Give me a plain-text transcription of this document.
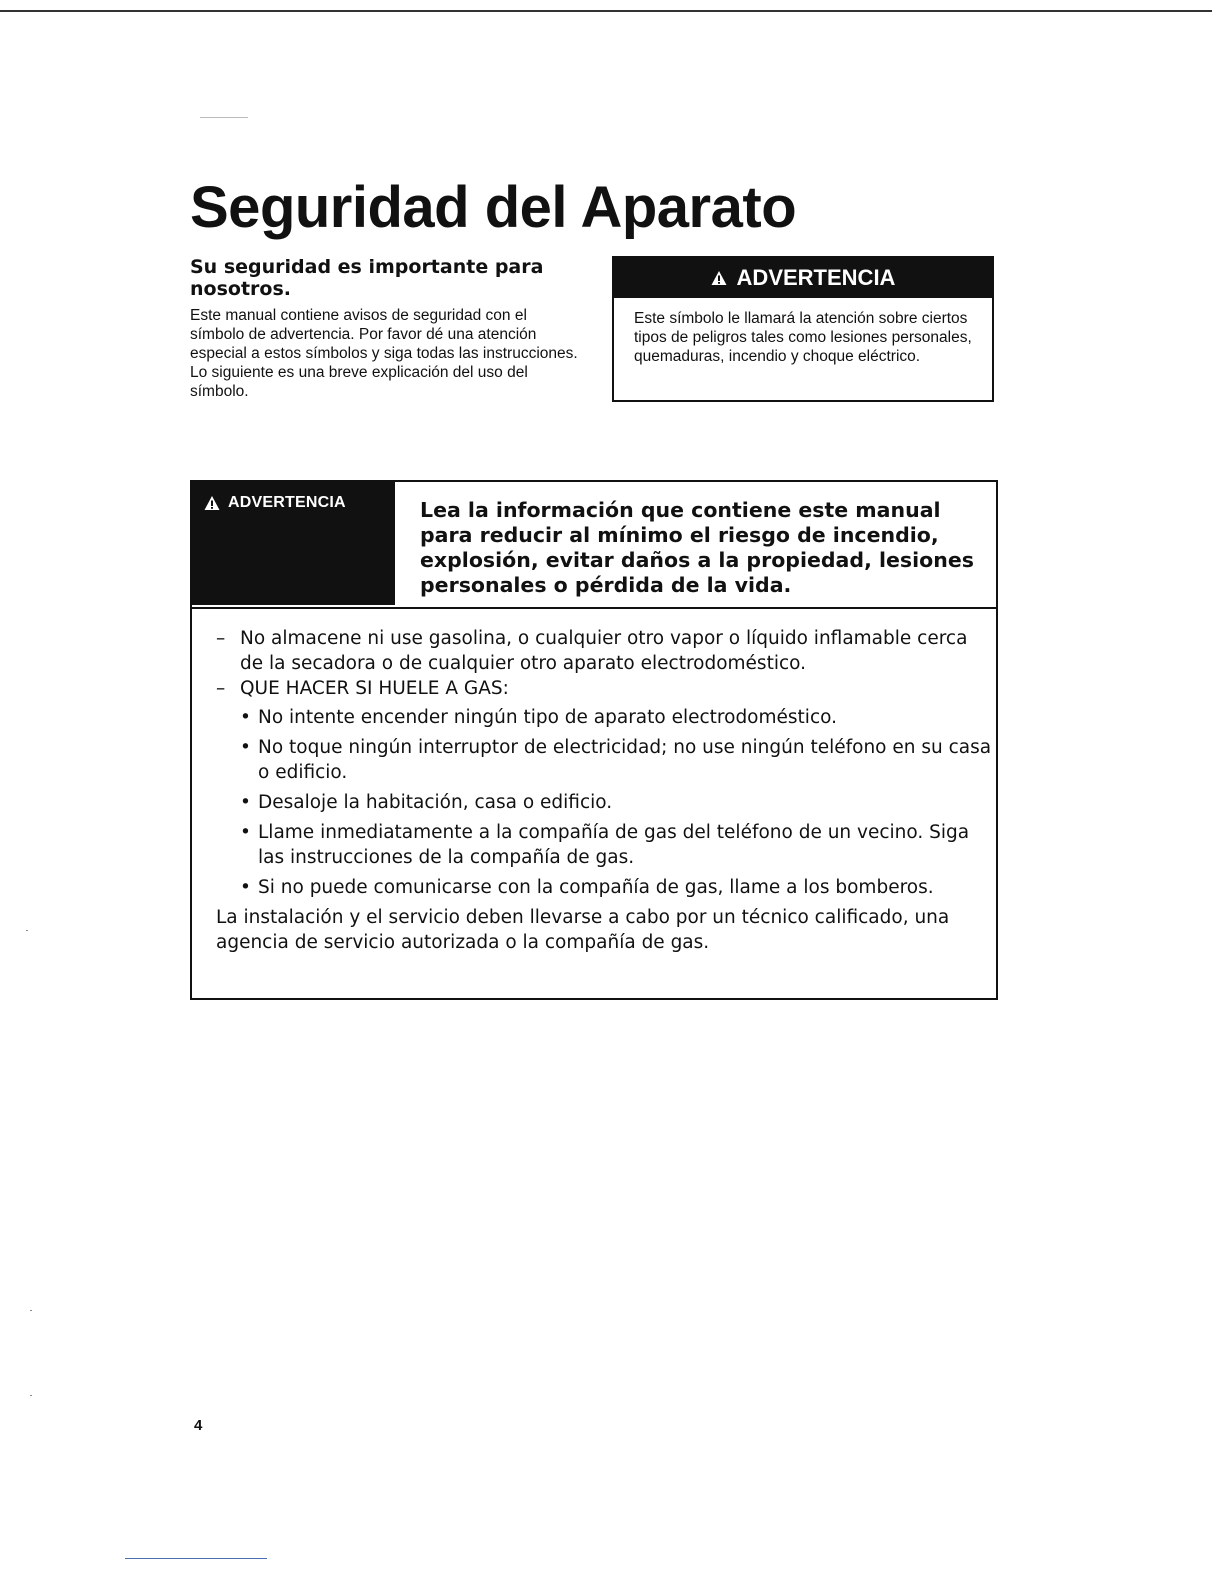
Seguridad del Aparato
Su seguridad es importante para nosotros.

Este manual contiene avisos de seguridad con el símbolo de advertencia. Por favor dé una atención especial a estos símbolos y siga todas las instrucciones. Lo siguiente es una breve explicación del uso del símbolo.

ADVERTENCIA
Este símbolo le llamará la atención sobre ciertos tipos de peligros tales como lesiones personales, quemaduras, incendio y choque eléctrico.
ADVERTENCIA	Lea la información que contiene este manual para reducir al mínimo el riesgo de incendio, explosión, evitar daños a la propiedad, lesiones personales o pérdida de la vida.

– No almacene ni use gasolina, o cualquier otro vapor o líquido inflamable cerca de la secadora o de cualquier otro aparato electrodoméstico.
– QUE HACER SI HUELE A GAS:
• No intente encender ningún tipo de aparato electrodoméstico.
• No toque ningún interruptor de electricidad; no use ningún teléfono en su casa o edificio.
• Desaloje la habitación, casa o edificio.
• Llame inmediatamente a la compañía de gas del teléfono de un vecino. Siga las instrucciones de la compañía de gas.
• Si no puede comunicarse con la compañía de gas, llame a los bomberos.

La instalación y el servicio deben llevarse a cabo por un técnico calificado, una agencia de servicio autorizada o la compañía de gas.

4
